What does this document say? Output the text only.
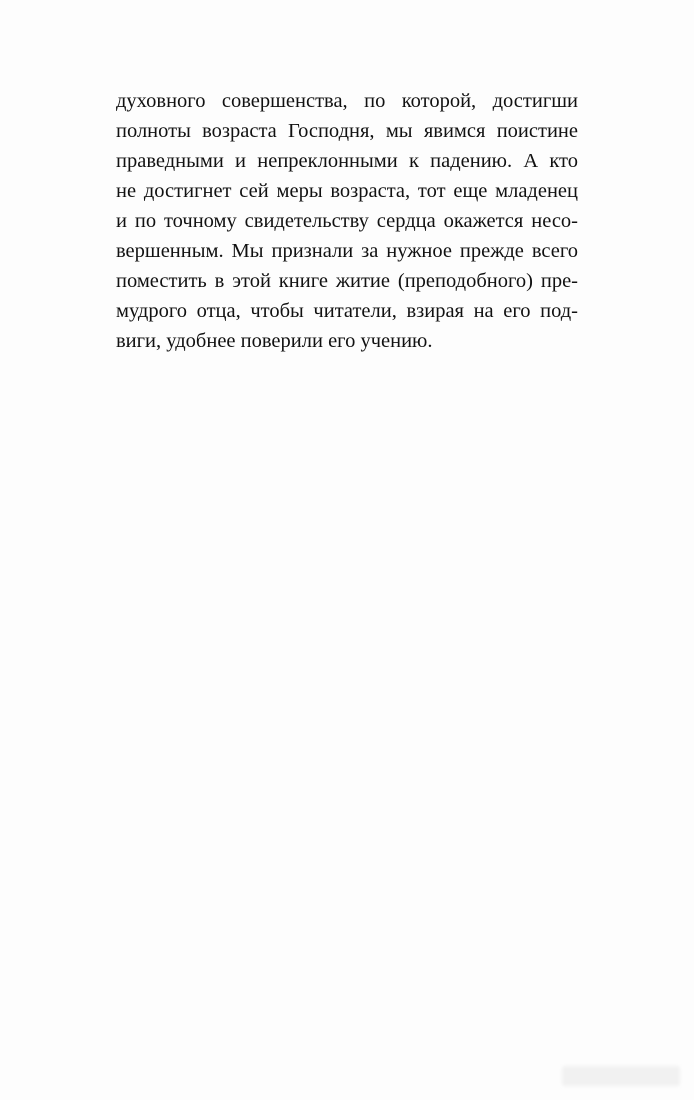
духовного совершенства, по которой, достигши
полноты возраста Господня, мы явимся поистине
праведными и непреклонными к падению. А кто
не достигнет сей меры возраста, тот еще младенец
и по точному свидетельству сердца окажется несо-
вершенным. Мы признали за нужное прежде всего
поместить в этой книге житие (преподобного) пре-
мудрого отца, чтобы читатели, взирая на его под-
виги, удобнее поверили его учению.
